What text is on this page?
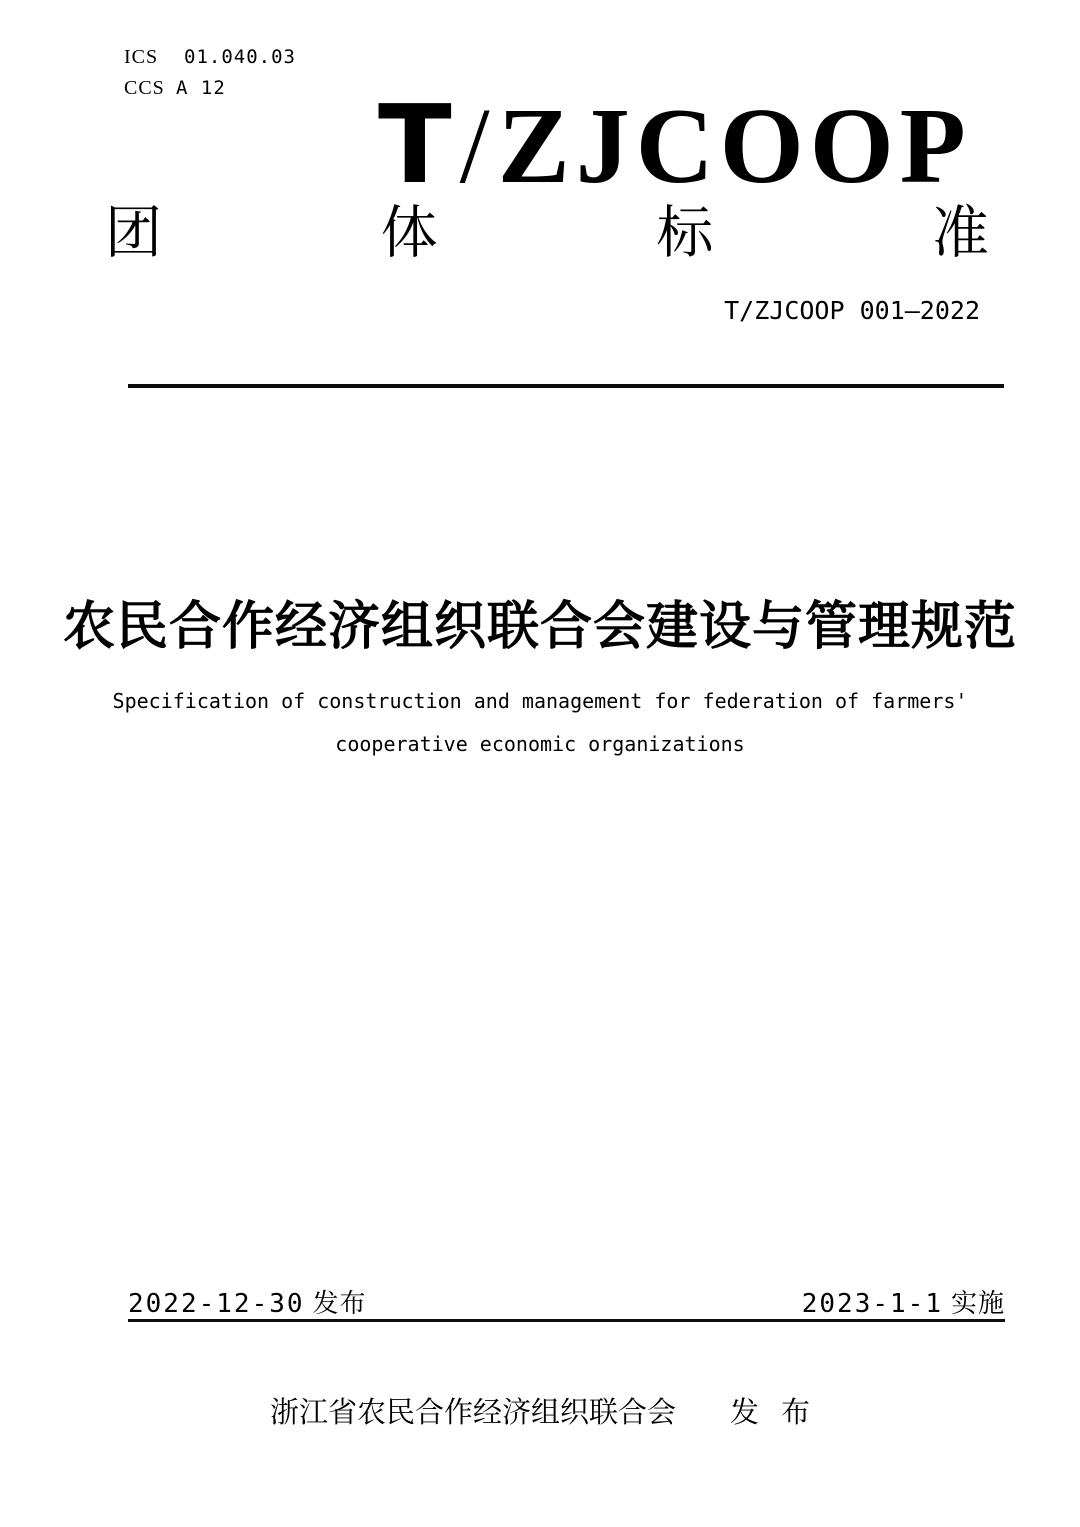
ICS 01.040.03
CCS A 12	T/ZJCOOP
团	体	标	准
T/ZJCOOP 001—2022
农民合作经济组织联合会建设与管理规范
Specification of construction and management for federation of farmers'
cooperative economic organizations
2022-12-30 发布	2023-1-1 实施
浙江省农民合作经济组织联合会 发 布
